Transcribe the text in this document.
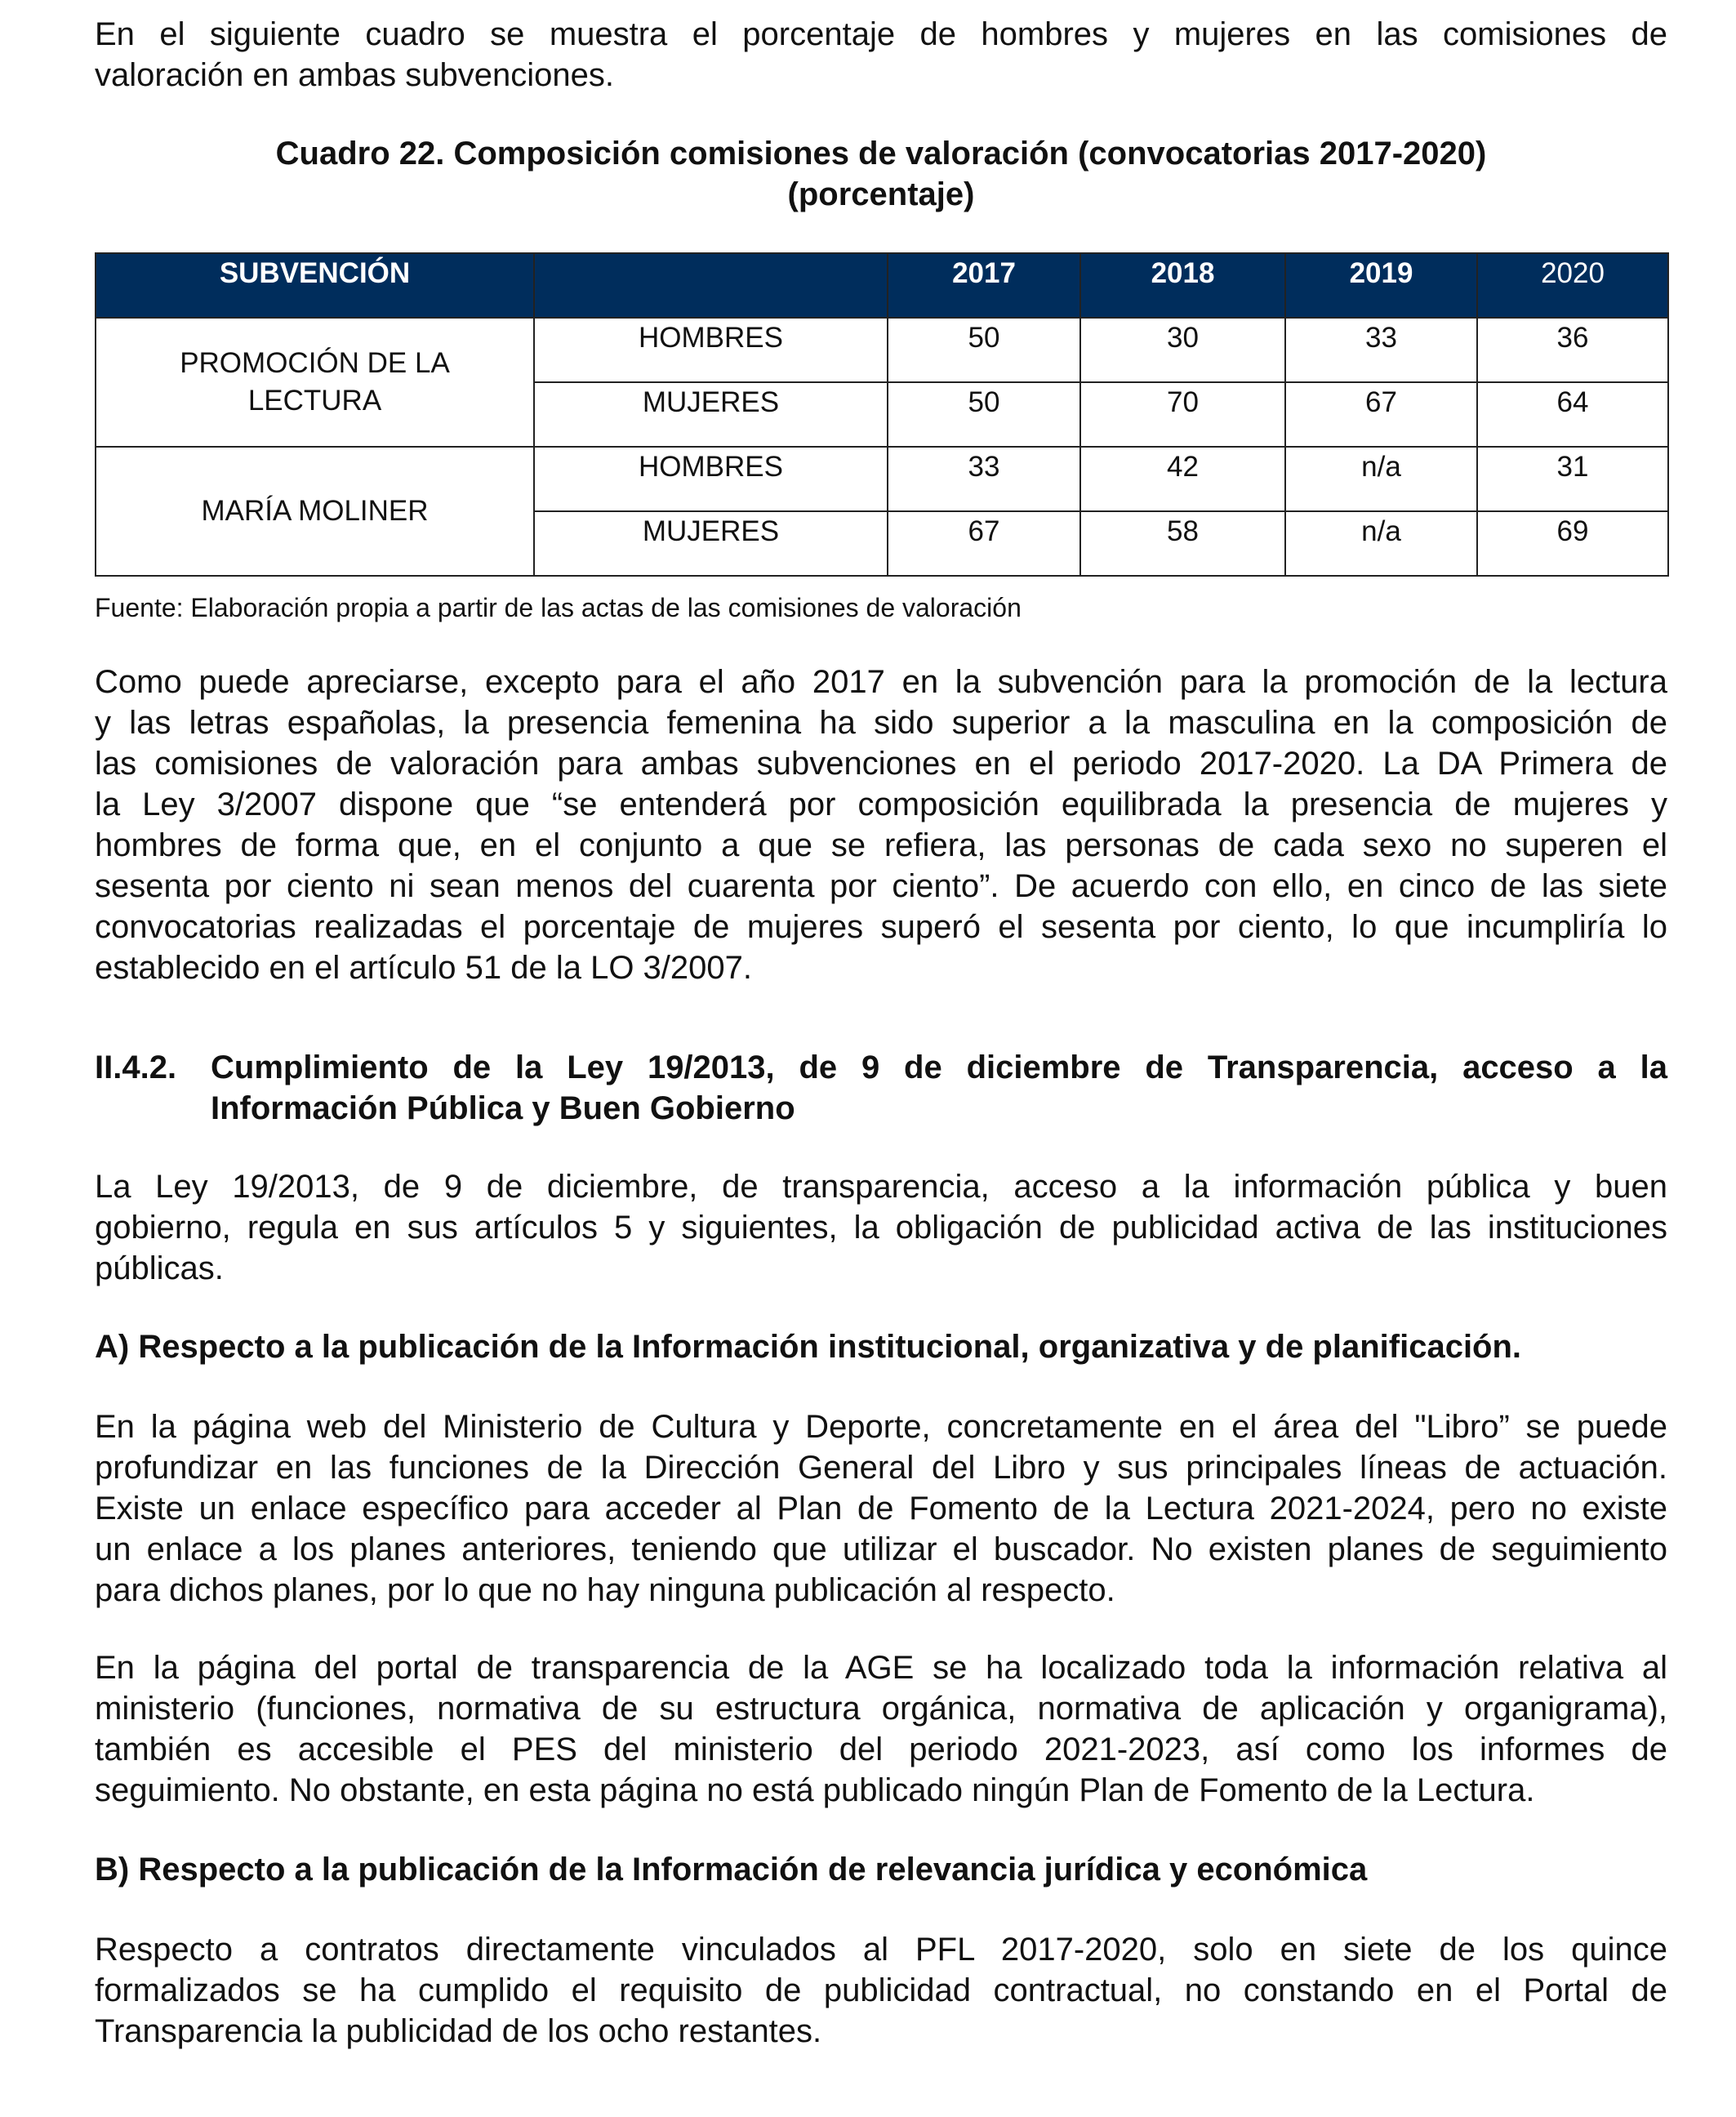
En el siguiente cuadro se muestra el porcentaje de hombres y mujeres en las comisiones de
valoración en ambas subvenciones.
Cuadro 22. Composición comisiones de valoración (convocatorias 2017-2020)
(porcentaje)
SUBVENCIÓN		2017	2018	2019	2020
PROMOCIÓN DE LA LECTURA	HOMBRES	50	30	33	36
	MUJERES	50	70	67	64
MARÍA MOLINER	HOMBRES	33	42	n/a	31
	MUJERES	67	58	n/a	69
Fuente: Elaboración propia a partir de las actas de las comisiones de valoración
Como puede apreciarse, excepto para el año 2017 en la subvención para la promoción de la lectura
y las letras españolas, la presencia femenina ha sido superior a la masculina en la composición de
las comisiones de valoración para ambas subvenciones en el periodo 2017-2020. La DA Primera de
la Ley 3/2007 dispone que “se entenderá por composición equilibrada la presencia de mujeres y
hombres de forma que, en el conjunto a que se refiera, las personas de cada sexo no superen el
sesenta por ciento ni sean menos del cuarenta por ciento”. De acuerdo con ello, en cinco de las siete
convocatorias realizadas el porcentaje de mujeres superó el sesenta por ciento, lo que incumpliría lo
establecido en el artículo 51 de la LO 3/2007.
II.4.2. Cumplimiento de la Ley 19/2013, de 9 de diciembre de Transparencia, acceso a la
Información Pública y Buen Gobierno
La Ley 19/2013, de 9 de diciembre, de transparencia, acceso a la información pública y buen
gobierno, regula en sus artículos 5 y siguientes, la obligación de publicidad activa de las instituciones
públicas.
A) Respecto a la publicación de la Información institucional, organizativa y de planificación.
En la página web del Ministerio de Cultura y Deporte, concretamente en el área del "Libro” se puede
profundizar en las funciones de la Dirección General del Libro y sus principales líneas de actuación.
Existe un enlace específico para acceder al Plan de Fomento de la Lectura 2021-2024, pero no existe
un enlace a los planes anteriores, teniendo que utilizar el buscador. No existen planes de seguimiento
para dichos planes, por lo que no hay ninguna publicación al respecto.
En la página del portal de transparencia de la AGE se ha localizado toda la información relativa al
ministerio (funciones, normativa de su estructura orgánica, normativa de aplicación y organigrama),
también es accesible el PES del ministerio del periodo 2021-2023, así como los informes de
seguimiento. No obstante, en esta página no está publicado ningún Plan de Fomento de la Lectura.
B) Respecto a la publicación de la Información de relevancia jurídica y económica
Respecto a contratos directamente vinculados al PFL 2017-2020, solo en siete de los quince
formalizados se ha cumplido el requisito de publicidad contractual, no constando en el Portal de
Transparencia la publicidad de los ocho restantes.
